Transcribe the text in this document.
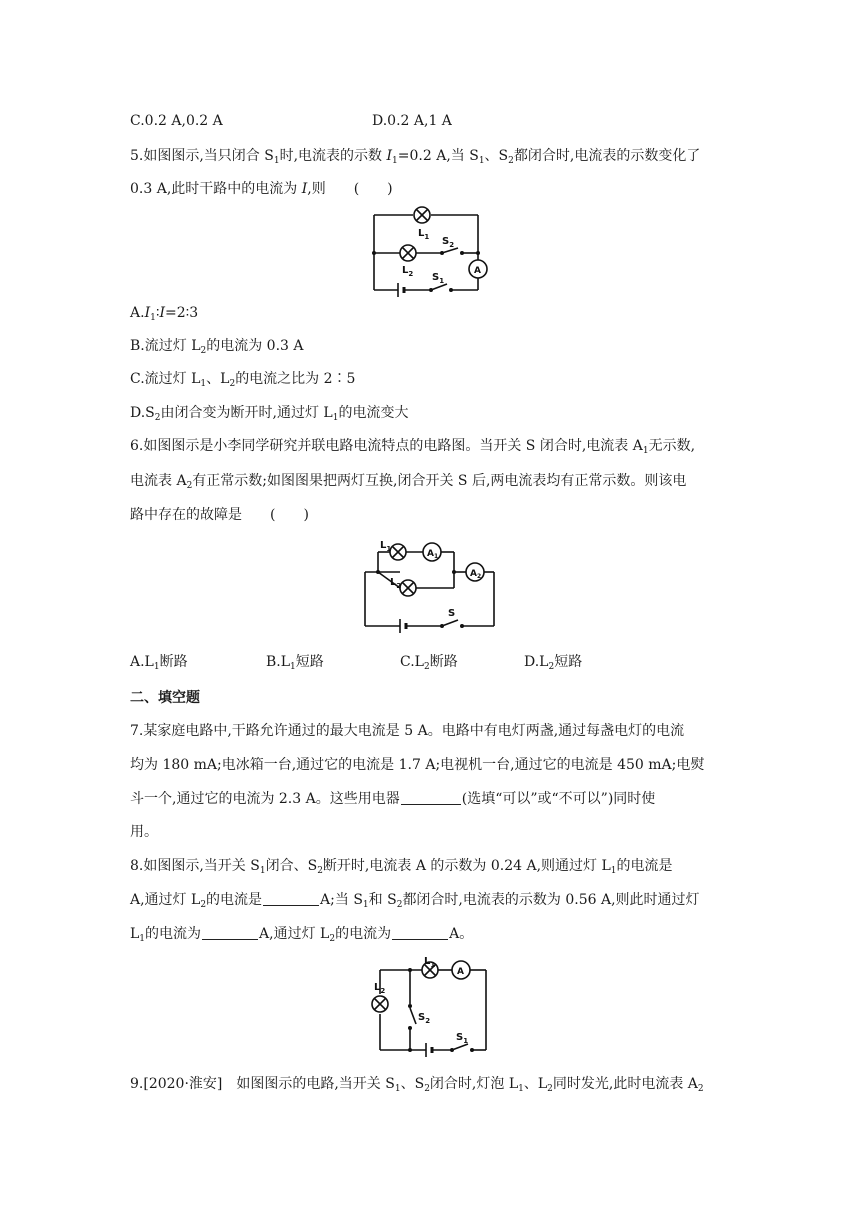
C.0.2 A,0.2 A	D.0.2 A,1 A
5.如图图示,当只闭合 $S_1$时,电流表的示数 $I_1=0.2$ A,当 $S_1$、$S_2$都闭合时,电流表的示数变化了
0.3 A,此时干路中的电流为 I,则　　(　　)
$L_1$
$L_2$
$S_2$
$S_1$
A
$A.I_1∶I=2∶3$
B.流过灯 $L_2$的电流为 0.3 A
C.流过灯 $L_1$、$L_2$的电流之比为 2∶5
$D.S_2$由闭合变为断开时,通过灯 $L_1$的电流变大
6.如图图示是小李同学研究并联电路电流特点的电路图。当开关 S 闭合时,电流表 $A_1$无示数,
电流表 $A_2$有正常示数;如图图果把两灯互换,闭合开关 S 后,两电流表均有正常示数。则该电
路中存在的故障是　　(　　)
$L_1$
$L_2$
$A_1$
$A_2$
S
$A.L_1$断路	$B.L_1$短路	$C.L_2$断路	$D.L_2$短路
二、填空题
7.某家庭电路中,干路允许通过的最大电流是 5 A。电路中有电灯两盏,通过每盏电灯的电流
均为 180 mA;电冰箱一台,通过它的电流是 1.7 A;电视机一台,通过它的电流是 450 mA;电熨
斗一个,通过它的电流为 2.3 A。这些用电器	(选填“可以”或“不可以”)同时使
用。
8.如图图示,当开关 $S_1$闭合、$S_2$断开时,电流表 A 的示数为 0.24 A,则通过灯 $L_1$的电流是
A,通过灯 $L_2$的电流是	A;当 $S_1$和 $S_2$都闭合时,电流表的示数为 0.56 A,则此时通过灯
$L_1$的电流为	A,通过灯 $L_2$的电流为	A。
$L_1$
$L_2$
$S_2$
$S_1$
A
9.[2020·淮安]　如图图示的电路,当开关 $S_1$、$S_2$闭合时,灯泡 $L_1$、$L_2$同时发光,此时电流表 $A_2$
